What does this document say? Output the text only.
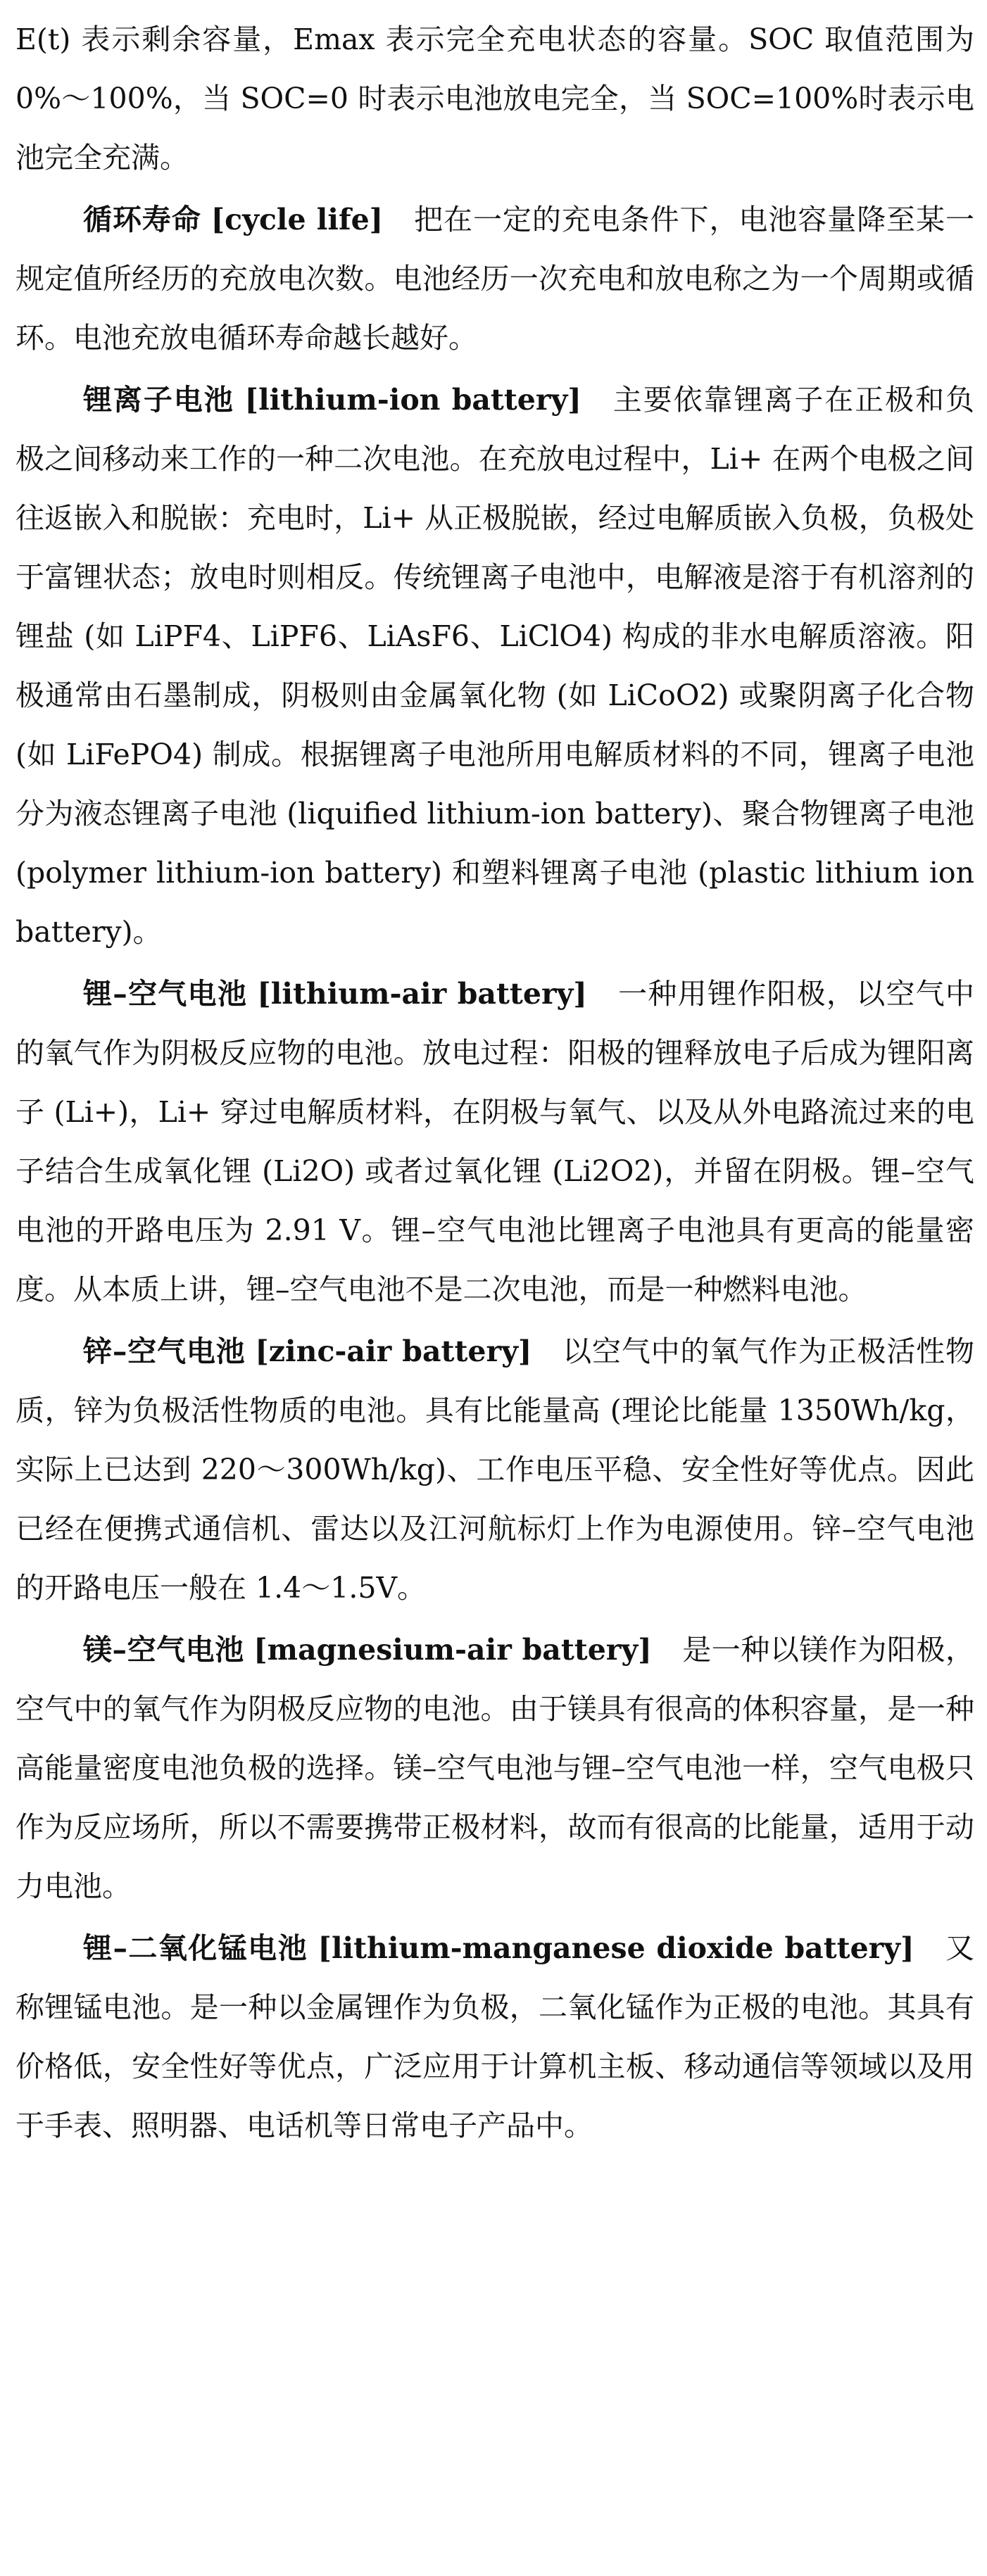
E(t) 表示剩余容量，Emax 表示完全充电状态的容量。SOC 取值范围为 0%～100%，当 SOC=0 时表示电池放电完全，当 SOC=100%时表示电池完全充满。

循环寿命 [cycle life] 把在一定的充电条件下，电池容量降至某一规定值所经历的充放电次数。电池经历一次充电和放电称之为一个周期或循环。电池充放电循环寿命越长越好。

锂离子电池 [lithium-ion battery] 主要依靠锂离子在正极和负极之间移动来工作的一种二次电池。在充放电过程中，Li+ 在两个电极之间往返嵌入和脱嵌：充电时，Li+ 从正极脱嵌，经过电解质嵌入负极，负极处于富锂状态；放电时则相反。传统锂离子电池中，电解液是溶于有机溶剂的锂盐 (如 LiPF4、LiPF6、LiAsF6、LiClO4) 构成的非水电解质溶液。阳极通常由石墨制成，阴极则由金属氧化物 (如 LiCoO2) 或聚阴离子化合物 (如 LiFePO4) 制成。根据锂离子电池所用电解质材料的不同，锂离子电池分为液态锂离子电池 (liquified lithium-ion battery)、聚合物锂离子电池 (polymer lithium-ion battery) 和塑料锂离子电池 (plastic lithium ion battery)。

锂–空气电池 [lithium-air battery] 一种用锂作阳极，以空气中的氧气作为阴极反应物的电池。放电过程：阳极的锂释放电子后成为锂阳离子 (Li+)，Li+ 穿过电解质材料，在阴极与氧气、以及从外电路流过来的电子结合生成氧化锂 (Li2O) 或者过氧化锂 (Li2O2)，并留在阴极。锂–空气电池的开路电压为 2.91 V。锂–空气电池比锂离子电池具有更高的能量密度。从本质上讲，锂–空气电池不是二次电池，而是一种燃料电池。

锌–空气电池 [zinc-air battery] 以空气中的氧气作为正极活性物质，锌为负极活性物质的电池。具有比能量高 (理论比能量 1350Wh/kg，实际上已达到 220～300Wh/kg)、工作电压平稳、安全性好等优点。因此已经在便携式通信机、雷达以及江河航标灯上作为电源使用。锌–空气电池的开路电压一般在 1.4～1.5V。

镁–空气电池 [magnesium-air battery] 是一种以镁作为阳极，空气中的氧气作为阴极反应物的电池。由于镁具有很高的体积容量，是一种高能量密度电池负极的选择。镁–空气电池与锂–空气电池一样，空气电极只作为反应场所，所以不需要携带正极材料，故而有很高的比能量，适用于动力电池。

锂–二氧化锰电池 [lithium-manganese dioxide battery] 又称锂锰电池。是一种以金属锂作为负极，二氧化锰作为正极的电池。其具有价格低，安全性好等优点，广泛应用于计算机主板、移动通信等领域以及用于手表、照明器、电话机等日常电子产品中。
